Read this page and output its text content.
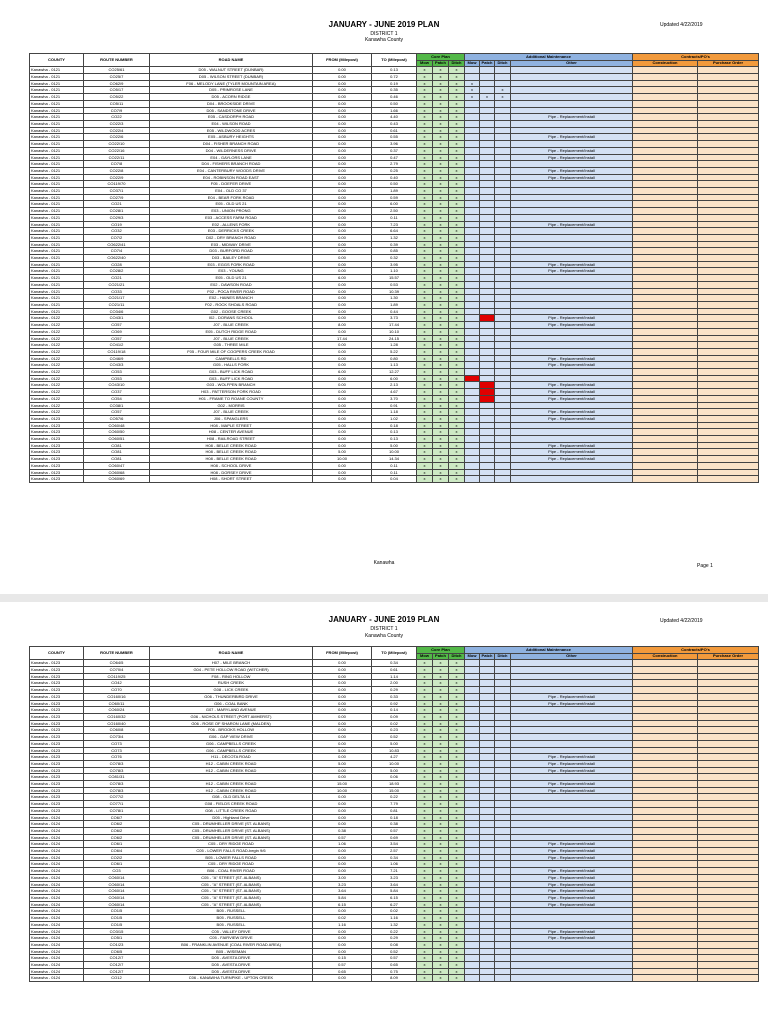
JANUARY - JUNE 2019 PLAN	Updated 4/22/2019
DISTRICT 1
Kanawha County
COUNTY	ROUTE NUMBER	ROAD NAME	FROM (Milepost)	TO (Milepost)	Core Plan			Additional Maintenance				Contracts/PO's	
					Mow	Patch	Ditch	Mow	Patch	Ditch	Other	Construction	Purchase Order
Kanawha - 0121	CO25/61	D05 - WALNUT STREET (DUNBAR)	0.00	0.13	x	x	x						
Kanawha - 0121	CO25/7	D05 - WILSON STREET (DUNBAR)	0.00	0.72	x	x	x						
Kanawha - 0121	CO62/9	F06 - MELODY LANE (TYLER MOUNTAIN AREA)	0.00	0.19	x	x	x	x					
Kanawha - 0121	CO5/17	D05 - PRIMROSE LANE	0.00	0.35	x	x	x	x		x			
Kanawha - 0121	CO5/22	D05 - ACORN RIDGE	0.00	0.46	x	x	x	x	x	x			
Kanawha - 0121	CO5/11	D04 - BROOKSIDE DRIVE	0.00	0.50	x	x	x						
Kanawha - 0121	CO7/9	D05 - SANDSTONE DRIVE	0.00	1.66	x	x	x						
Kanawha - 0121	CO22	E05 - CASDORPH ROAD	0.00	4.40	x	x	x				Pipe - Replacement/Install		
Kanawha - 0121	CO22/3	E04 - WILSON ROAD	0.00	0.43	x	x	x						
Kanawha - 0121	CO22/4	E05 - WILDWOOD ACRES	0.00	0.61	x	x	x						
Kanawha - 0121	CO22/6	E05 - ASBURY HEIGHTS	0.00	0.55	x	x	x				Pipe - Replacement/Install		
Kanawha - 0121	CO22/10	D04 - FISHER BRANCH ROAD	0.00	3.96	x	x	x						
Kanawha - 0121	CO22/16	D04 - WILDERNESS DRIVE	0.00	0.37	x	x	x				Pipe - Replacement/Install		
Kanawha - 0121	CO22/11	E04 - GAYLORS LANE	0.00	0.47	x	x	x				Pipe - Replacement/Install		
Kanawha - 0121	CO7/8	D04 - FISHERS BRANCH ROAD	0.00	2.79	x	x	x						
Kanawha - 0121	CO22/8	E04 - CANTERBURY WOODS DRIVE	0.00	0.25	x	x	x				Pipe - Replacement/Install		
Kanawha - 0121	CO22/9	E04 - ROBINSON ROAD EAST	0.00	0.40	x	x	x				Pipe - Replacement/Install		
Kanawha - 0121	CO119/70	F05 - DOEFER DRIVE	0.00	0.50	x	x	x						
Kanawha - 0121	CO37/1	E04 - OLD CO 37	0.00	1.89	x	x	x						
Kanawha - 0121	CO27/9	E04 - BEAR FORK ROAD	0.00	0.59	x	x	x						
Kanawha - 0121	CO21	E05 - OLD US 21	0.00	6.00	x	x	x						
Kanawha - 0121	CO28/1	E03 - UNION PRONG	0.00	2.50	x	x	x						
Kanawha - 0121	CO29/3	E03 - ACCESS FARM ROAD	0.00	0.11	x	x	x						
Kanawha - 0121	CO19	E02 - ALLENS FORK	0.00	7.23	x	x	x				Pipe - Replacement/Install		
Kanawha - 0121	CO32	E03 - DERRICKS CREEK	0.00	6.64	x	x	x						
Kanawha - 0121	CO7/2	D02 - DRY BRANCH ROAD	0.00	1.32	x	x	x						
Kanawha - 0121	CO622/41	E03 - MIDWAY DRIVE	0.00	0.39	x	x	x						
Kanawha - 0121	CO7/4	D03 - BURFORD ROAD	0.00	0.85	x	x	x						
Kanawha - 0121	CO622/40	D03 - BAILEY DRIVE	0.00	0.32	x	x	x						
Kanawha - 0121	CO28	E03 - EGGS FORK ROAD	0.00	3.95	x	x	x				Pipe - Replacement/Install		
Kanawha - 0121	CO28/2	E03 - YOUNG	0.00	1.10	x	x	x				Pipe - Replacement/Install		
Kanawha - 0121	CO21	E05 - OLD US 21	6.00	15.57	x	x	x						
Kanawha - 0121	CO21/21	E02 - DAWSON ROAD	0.00	0.53	x	x	x						
Kanawha - 0121	CO33	F02 - POCA RIVER ROAD	0.00	10.39	x	x	x						
Kanawha - 0121	CO21/17	E02 - HAINES BRANCH	0.00	1.30	x	x	x						
Kanawha - 0121	CO21/11	F02 - ROCK SHOALS ROAD	0.00	1.89	x	x	x						
Kanawha - 0121	CO34/6	G02 - GOOSE CREEK	0.00	0.44	x	x	x						
Kanawha - 0122	CO43/1	I02 - DORANS SCHOOL	0.00	3.73	x	x	x				Pipe - Replacement/Install		
Kanawha - 0122	CO57	J07 - BLUE CREEK	8.00	17.44	x	x	x				Pipe - Replacement/Install		
Kanawha - 0122	CO69	E05 - DUTCH RIDGE ROAD	0.00	10.10	x	x	x						
Kanawha - 0122	CO57	J07 - BLUE CREEK	17.44	24.15	x	x	x						
Kanawha - 0122	CO41/2	G05 - THREE MILE	0.00	1.28	x	x	x						
Kanawha - 0122	CO119/18	F05 - FOUR MILE OF COOPERS CREEK ROAD	0.00	5.22	x	x	x						
Kanawha - 0122	CO46/9	CAMPBELLS RD	0.00	0.80	x	x	x				Pipe - Replacement/Install		
Kanawha - 0122	CO43/3	G05 - HALLS FORK	0.00	1.13	x	x	x				Pipe - Replacement/Install		
Kanawha - 0122	CO53	G03 - BUFF LICK ROAD	6.00	12.27	x	x	x						
Kanawha - 0122	CO53	G03 - BUFF LICK ROAD	0.00	6.00	x	x	x						
Kanawha - 0122	CO43/10	G03 - WOLFPEN BRANCH	0.00	2.13	x	x	x				Pipe - Replacement/Install		
Kanawha - 0122	CO37	H03 - PATTERSON FORK ROAD	0.00	4.67	x	x	x				Pipe - Replacement/Install		
Kanawha - 0122	CO54	H01 - FRAME TO ROANE COUNTY	0.00	3.70	x	x	x				Pipe - Replacement/Install		
Kanawha - 0122	CO38/1	G02 - MORRIS	0.00	0.91	x	x	x						
Kanawha - 0122	CO57	J07 - BLUE CREEK	0.00	1.18	x	x	x				Pipe - Replacement/Install		
Kanawha - 0123	CO57/6	J06 - SPANGLERS	0.00	1.02	x	x	x				Pipe - Replacement/Install		
Kanawha - 0123	CO60/48	H08 - MAPLE STREET	0.00	0.18	x	x	x						
Kanawha - 0123	CO60/50	H08 - CENTER AVENUE	0.00	0.13	x	x	x						
Kanawha - 0123	CO60/51	H08 - RAILROAD STREET	0.00	0.13	x	x	x						
Kanawha - 0123	CO81	H08 - BELLE CREEK ROAD	0.00	5.00	x	x	x				Pipe - Replacement/Install		
Kanawha - 0123	CO81	H08 - BELLE CREEK ROAD	5.00	10.00	x	x	x				Pipe - Replacement/Install		
Kanawha - 0123	CO81	H08 - BELLE CREEK ROAD	10.00	14.34	x	x	x				Pipe - Replacement/Install		
Kanawha - 0123	CO60/47	H08 - SCHOOL DRIVE	0.00	0.11	x	x	x						
Kanawha - 0123	CO60/68	H08 - DORSEY DRIVE	0.00	0.11	x	x	x						
Kanawha - 0123	CO60/69	H08 - SHORT STREET	0.00	0.04	x	x	x						
Kanawha	Page 1
JANUARY - JUNE 2019 PLAN	Updated 4/22/2019
DISTRICT 1
Kanawha County
COUNTY	ROUTE NUMBER	ROAD NAME	FROM (Milepost)	TO (Milepost)	Core Plan			Additional Maintenance				Contracts/PO's	
					Mow	Patch	Ditch	Mow	Patch	Ditch	Other	Construction	Purchase Order
Kanawha - 0123	CO64/5	H07 - MILE BRANCH	0.00	0.34	x	x	x						
Kanawha - 0123	CO70/4	G04 - PETE HOLLOW ROAD (WITCHER)	0.00	0.61	x	x	x						
Kanawha - 0123	CO119/25	F08 - RING HOLLOW	0.00	1.14	x	x	x						
Kanawha - 0123	CO42	RUSH CREEK	0.00	2.00	x	x	x						
Kanawha - 0123	CO70	G08 - LICK CREEK	0.00	0.29	x	x	x						
Kanawha - 0123	CO160/16	G06 - THUNDERBIRD DRIVE	0.00	0.33	x	x	x				Pipe - Replacement/Install		
Kanawha - 0123	CO60/11	G06 - COAL BANK	0.00	0.92	x	x	x				Pipe - Replacement/Install		
Kanawha - 0123	CO60/24	G07 - MARYLAND AVENUE	0.00	0.14	x	x	x						
Kanawha - 0123	CO160/32	G06 - NICHOLS STREET (PORT AMHERST)	0.00	0.09	x	x	x						
Kanawha - 0123	CO160/40	G06 - ROSE OF SHARON LANE (MALDEN)	0.00	0.02	x	x	x						
Kanawha - 0123	CO60/8	F06 - BROOKS HOLLOW	0.00	0.23	x	x	x						
Kanawha - 0123	CO73/4	G06 - GAP VIEW DRIVE	0.00	0.52	x	x	x						
Kanawha - 0123	CO73	G06 - CAMPBELLS CREEK	0.00	5.00	x	x	x						
Kanawha - 0123	CO73	G06 - CAMPBELLS CREEK	5.00	10.83	x	x	x						
Kanawha - 0123	CO76	H11 - DECOTA ROAD	0.00	4.27	x	x	x				Pipe - Replacement/Install		
Kanawha - 0123	CO78/3	H12 - CABIN CREEK ROAD	5.00	10.00	x	x	x				Pipe - Replacement/Install		
Kanawha - 0123	CO78/3	H12 - CABIN CREEK ROAD	0.00	5.00	x	x	x				Pipe - Replacement/Install		
Kanawha - 0123	CO81/31		0.00	0.06	x	x	x						
Kanawha - 0123	CO78/3	H12 - CABIN CREEK ROAD	15.00	18.93	x	x	x				Pipe - Replacement/Install		
Kanawha - 0123	CO78/3	H12 - CABIN CREEK ROAD	10.00	15.00	x	x	x				Pipe - Replacement/Install		
Kanawha - 0123	CO77/2	G08 - OLD DELTA 14	0.00	0.22	x	x	x						
Kanawha - 0123	CO77/1	G08 - FIELDS CREEK ROAD	0.00	7.79	x	x	x						
Kanawha - 0123	CO78/1	G08 - LITTLE CREEK ROAD	0.00	0.81	x	x	x						
Kanawha - 0124	CO6/7	D05 - Highland Drive	0.00	0.18	x	x	x						
Kanawha - 0124	CO6/2	C05 - DRUMHELLER DRIVE (ST. ALBANS)	0.00	0.38	x	x	x						
Kanawha - 0124	CO6/2	C05 - DRUMHELLER DRIVE (ST. ALBANS)	0.38	0.57	x	x	x						
Kanawha - 0124	CO6/2	C05 - DRUMHELLER DRIVE (ST. ALBANS)	0.57	0.69	x	x	x						
Kanawha - 0124	CO6/1	C05 - DRY RIDGE ROAD	1.06	3.54	x	x	x				Pipe - Replacement/Install		
Kanawha - 0124	CO6/4	C05 - LOWER FALLS ROAD-begin 9/6	0.00	2.57	x	x	x				Pipe - Replacement/Install		
Kanawha - 0124	CO2/2	B05 - LOWER FALLS ROAD	0.00	0.34	x	x	x				Pipe - Replacement/Install		
Kanawha - 0124	CO6/1	C05 - DRY RIDGE ROAD	0.00	1.06	x	x	x						
Kanawha - 0124	CO3	B06 - COAL RIVER ROAD	0.00	7.21	x	x	x				Pipe - Replacement/Install		
Kanawha - 0124	CO60/14	C05 - "A" STREET (ST. ALBANS)	3.00	3.23	x	x	x				Pipe - Replacement/Install		
Kanawha - 0124	CO60/14	C05 - "A" STREET (ST. ALBANS)	3.23	3.64	x	x	x				Pipe - Replacement/Install		
Kanawha - 0124	CO60/14	C05 - "A" STREET (ST. ALBANS)	3.64	5.84	x	x	x				Pipe - Replacement/Install		
Kanawha - 0124	CO60/14	C05 - "A" STREET (ST. ALBANS)	5.84	6.15	x	x	x				Pipe - Replacement/Install		
Kanawha - 0124	CO60/14	C05 - "A" STREET (ST. ALBANS)	6.15	6.27	x	x	x				Pipe - Replacement/Install		
Kanawha - 0124	CO1/5	B05 - RUSSELL	0.00	0.02	x	x	x						
Kanawha - 0124	CO1/5	B05 - RUSSELL	0.02	1.16	x	x	x						
Kanawha - 0124	CO1/5	B05 - RUSSELL	1.16	1.32	x	x	x						
Kanawha - 0124	CO3/15	C05 - VALLEY DRIVE	0.00	0.22	x	x	x				Pipe - Replacement/Install		
Kanawha - 0124	CO5/1	C05 - FAIRVIEW DRIVE	0.00	0.29	x	x	x				Pipe - Replacement/Install		
Kanawha - 0124	CO1/23	B06 - FRANKLIN AVENUE (COAL RIVER ROAD AREA)	0.00	0.08	x	x	x						
Kanawha - 0124	CO6/5	B05 - WISEMAN	0.00	0.52	x	x	x						
Kanawha - 0124	CO12/7	D05 - AVESTA DRIVE	0.15	0.57	x	x	x						
Kanawha - 0124	CO12/7	D05 - AVESTA DRIVE	0.57	0.65	x	x	x						
Kanawha - 0124	CO12/7	D05 - AVESTA DRIVE	0.65	0.75	x	x	x						
Kanawha - 0124	CO12	C06 - KANAWHA TURNPIKE - UPTON CREEK	0.00	8.09	x	x	x						
